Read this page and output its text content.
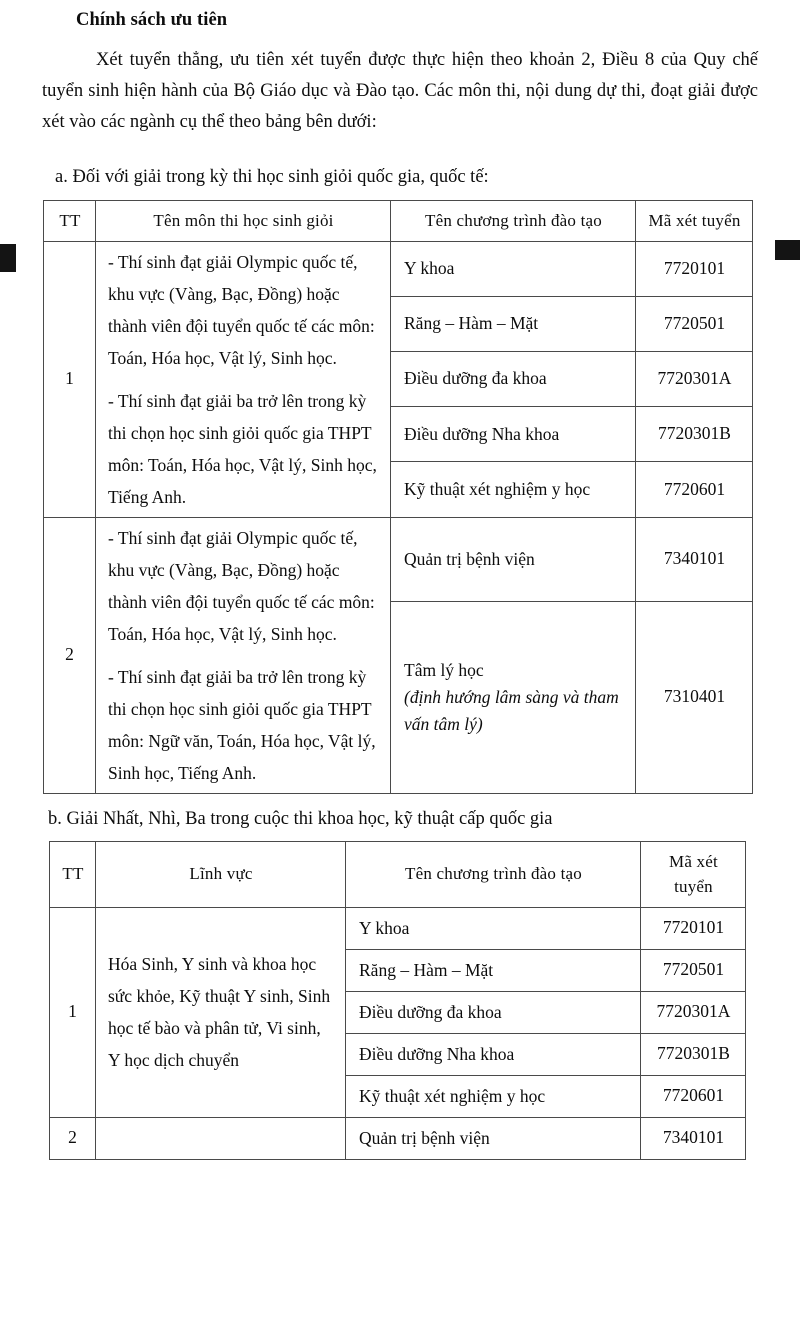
Chính sách ưu tiên
Xét tuyển thẳng, ưu tiên xét tuyển được thực hiện theo khoản 2, Điều 8 của Quy chế tuyển sinh hiện hành của Bộ Giáo dục và Đào tạo. Các môn thi, nội dung dự thi, đoạt giải được xét vào các ngành cụ thể theo bảng bên dưới:
a. Đối với giải trong kỳ thi học sinh giỏi quốc gia, quốc tế:
TT	Tên môn thi học sinh giỏi	Tên chương trình đào tạo	Mã xét tuyển
1	- Thí sinh đạt giải Olympic quốc tế, khu vực (Vàng, Bạc, Đồng) hoặc thành viên đội tuyển quốc tế các môn: Toán, Hóa học, Vật lý, Sinh học.

- Thí sinh đạt giải ba trở lên trong kỳ thi chọn học sinh giỏi quốc gia THPT môn: Toán, Hóa học, Vật lý, Sinh học, Tiếng Anh.	Y khoa	7720101
		Răng – Hàm – Mặt	7720501
		Điều dưỡng đa khoa	7720301A
		Điều dưỡng Nha khoa	7720301B
		Kỹ thuật xét nghiệm y học	7720601
2	- Thí sinh đạt giải Olympic quốc tế, khu vực (Vàng, Bạc, Đồng) hoặc thành viên đội tuyển quốc tế các môn: Toán, Hóa học, Vật lý, Sinh học.

- Thí sinh đạt giải ba trở lên trong kỳ thi chọn học sinh giỏi quốc gia THPT môn: Ngữ văn, Toán, Hóa học, Vật lý, Sinh học, Tiếng Anh.	Quản trị bệnh viện	7340101
		Tâm lý học
(định hướng lâm sàng và tham vấn tâm lý)	7310401
b. Giải Nhất, Nhì, Ba trong cuộc thi khoa học, kỹ thuật cấp quốc gia
TT	Lĩnh vực	Tên chương trình đào tạo	Mã xét tuyển
1	Hóa Sinh, Y sinh và khoa học sức khỏe, Kỹ thuật Y sinh, Sinh học tế bào và phân tử, Vi sinh, Y học dịch chuyển	Y khoa	7720101
		Răng – Hàm – Mặt	7720501
		Điều dưỡng đa khoa	7720301A
		Điều dưỡng Nha khoa	7720301B
		Kỹ thuật xét nghiệm y học	7720601
2		Quản trị bệnh viện	7340101
